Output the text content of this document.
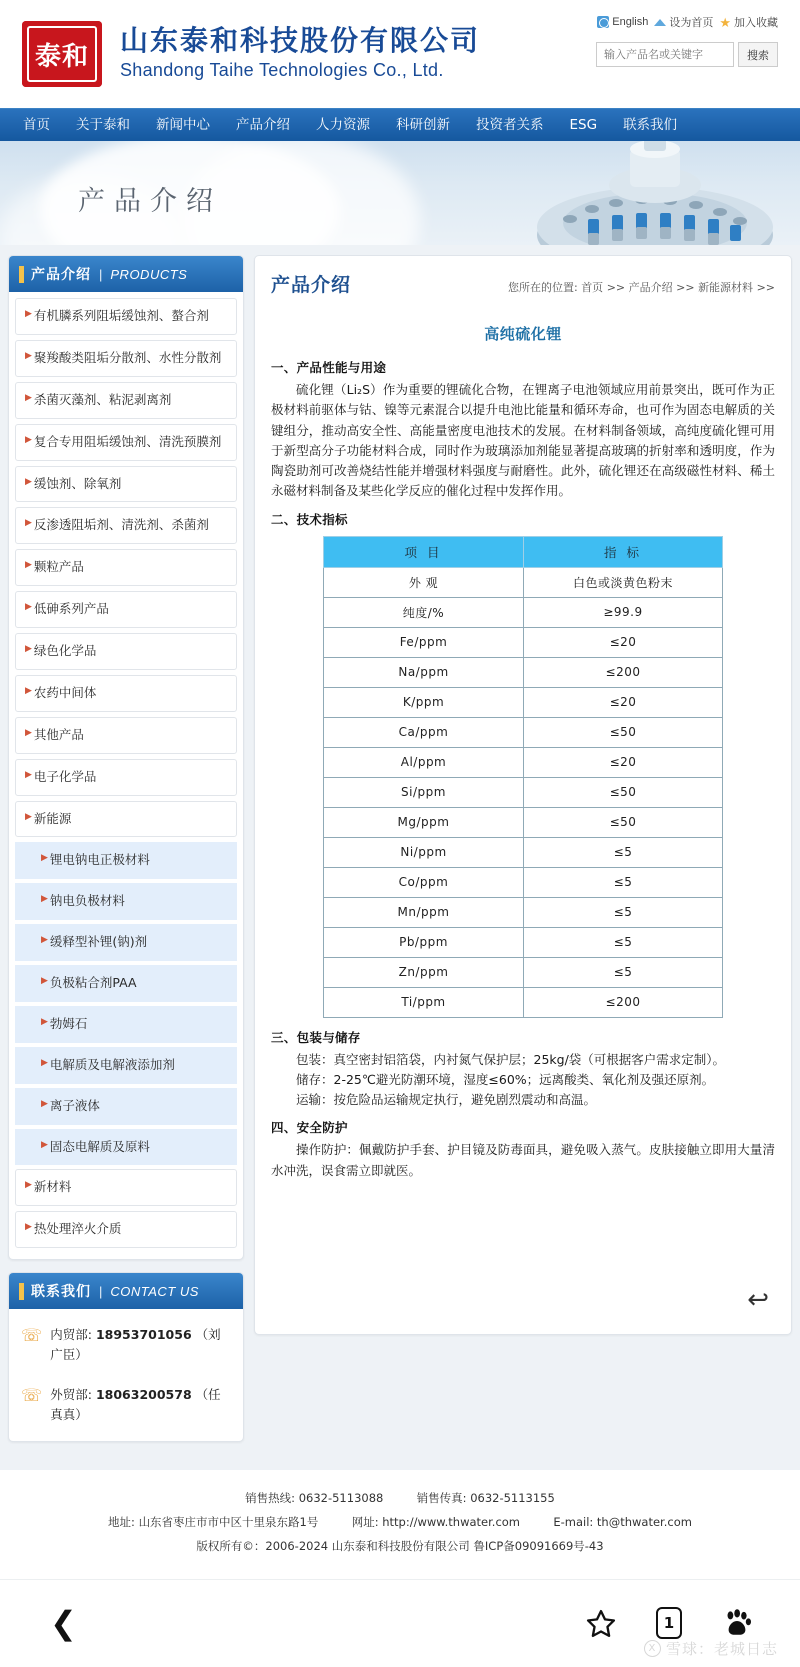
泰和 山东泰和科技股份有限公司
Shandong Taihe Technologies Co., Ltd.
English 设为首页 ★ 加入收藏
输入产品名或关键字
搜索
首页	关于泰和	新闻中心	产品介绍	人力资源	科研创新	投资者关系	ESG	联系我们
产品介绍
产品介绍 | PRODUCTS
▶ 有机膦系列阻垢缓蚀剂、螯合剂
▶ 聚羧酸类阻垢分散剂、水性分散剂
▶ 杀菌灭藻剂、粘泥剥离剂
▶ 复合专用阻垢缓蚀剂、清洗预膜剂
▶ 缓蚀剂、除氧剂
▶ 反渗透阻垢剂、清洗剂、杀菌剂
▶ 颗粒产品
▶ 低砷系列产品
▶ 绿色化学品
▶ 农药中间体
▶ 其他产品
▶ 电子化学品
▶ 新能源
▶ 锂电钠电正极材料
▶ 钠电负极材料
▶ 缓释型补锂(钠)剂
▶ 负极粘合剂PAA
▶ 勃姆石
▶ 电解质及电解液添加剂
▶ 离子液体
▶ 固态电解质及原料
▶ 新材料
▶ 热处理淬火介质
联系我们 | CONTACT US
☏ 内贸部: 18953701056 （刘广臣）
☏ 外贸部: 18063200578 （任真真）
产品介绍	您所在的位置: 首页 >> 产品介绍 >> 新能源材料 >>
高纯硫化锂
一、产品性能与用途
硫化锂（Li₂S）作为重要的锂硫化合物，在锂离子电池领域应用前景突出，既可作为正极材料前驱体与钴、镍等元素混合以提升电池比能量和循环寿命，也可作为固态电解质的关键组分，推动高安全性、高能量密度电池技术的发展。在材料制备领域，高纯度硫化锂可用于新型高分子功能材料合成，同时作为玻璃添加剂能显著提高玻璃的折射率和透明度，作为陶瓷助剂可改善烧结性能并增强材料强度与耐磨性。此外，硫化锂还在高级磁性材料、稀土永磁材料制备及某些化学反应的催化过程中发挥作用。
二、技术指标
项 目	指 标
外 观	白色或淡黄色粉末
纯度/%	≥99.9
Fe/ppm	≤20
Na/ppm	≤200
K/ppm	≤20
Ca/ppm	≤50
Al/ppm	≤20
Si/ppm	≤50
Mg/ppm	≤50
Ni/ppm	≤5
Co/ppm	≤5
Mn/ppm	≤5
Pb/ppm	≤5
Zn/ppm	≤5
Ti/ppm	≤200
三、包装与储存
包装：真空密封铝箔袋，内衬氮气保护层；25kg/袋（可根据客户需求定制）。
储存：2-25℃避光防潮环境，湿度≤60%；远离酸类、氧化剂及强还原剂。
运输：按危险品运输规定执行，避免剧烈震动和高温。
四、安全防护
操作防护：佩戴防护手套、护目镜及防毒面具，避免吸入蒸气。皮肤接触立即用大量清水冲洗，误食需立即就医。
↩
销售热线: 0632-5113088	销售传真: 0632-5113155
地址: 山东省枣庄市市中区十里泉东路1号	网址: http://www.thwater.com	E-mail: th@thwater.com
版权所有©：2006-2024 山东泰和科技股份有限公司 鲁ICP备09091669号-43
❮	1
X 雪球：老城日志
